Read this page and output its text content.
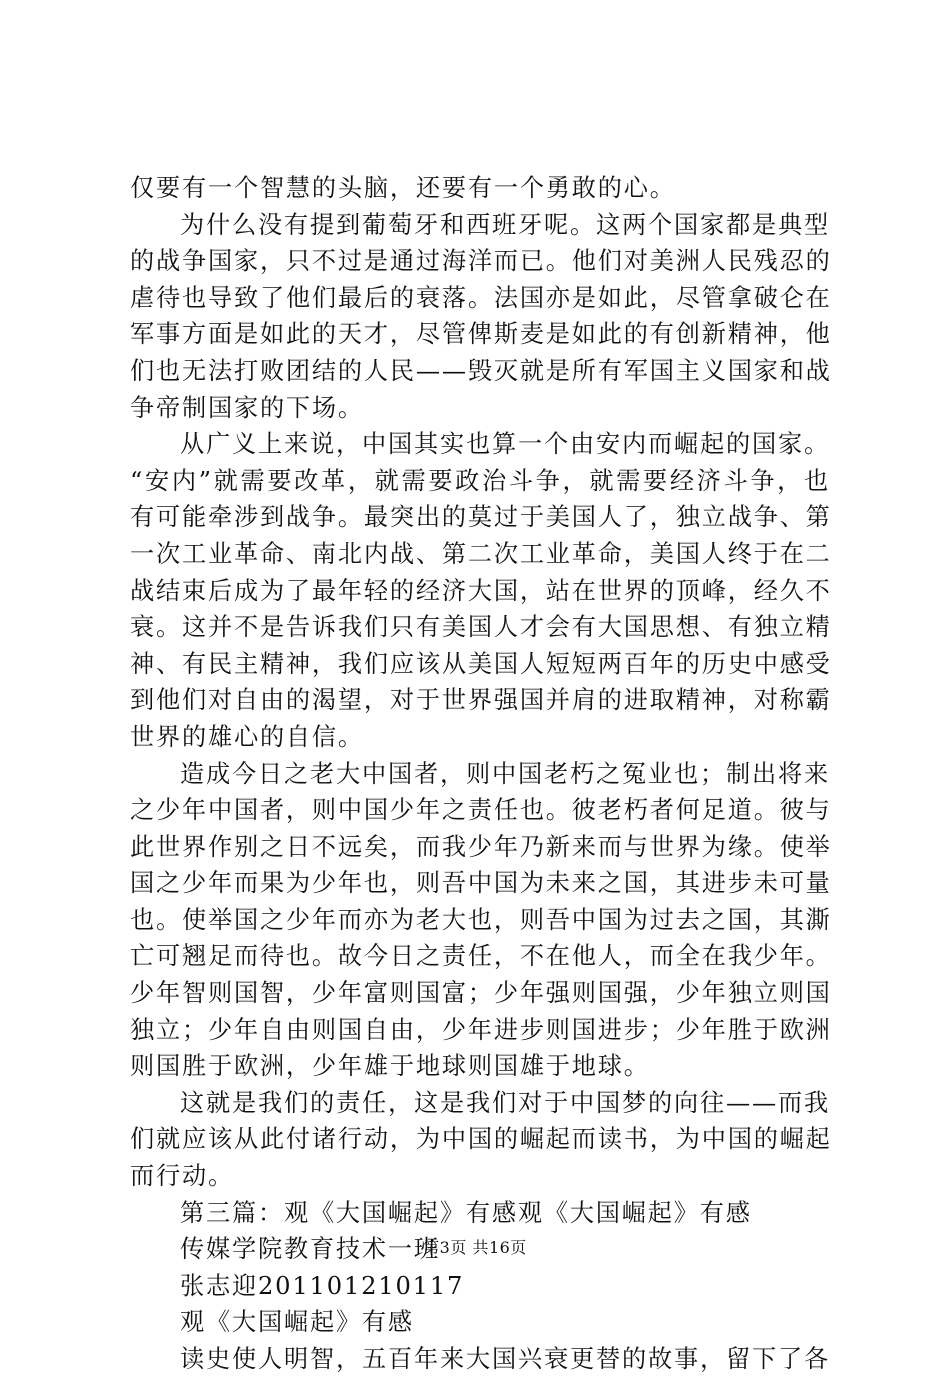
仅要有一个智慧的头脑，还要有一个勇敢的心。
为什么没有提到葡萄牙和西班牙呢。这两个国家都是典型
的战争国家，只不过是通过海洋而已。他们对美洲人民残忍的
虐待也导致了他们最后的衰落。法国亦是如此，尽管拿破仑在
军事方面是如此的天才，尽管俾斯麦是如此的有创新精神，他
们也无法打败团结的人民——毁灭就是所有军国主义国家和战
争帝制国家的下场。
从广义上来说，中国其实也算一个由安内而崛起的国家。
“安内”就需要改革，就需要政治斗争，就需要经济斗争，也
有可能牵涉到战争。最突出的莫过于美国人了，独立战争、第
一次工业革命、南北内战、第二次工业革命，美国人终于在二
战结束后成为了最年轻的经济大国，站在世界的顶峰，经久不
衰。这并不是告诉我们只有美国人才会有大国思想、有独立精
神、有民主精神，我们应该从美国人短短两百年的历史中感受
到他们对自由的渴望，对于世界强国并肩的进取精神，对称霸
世界的雄心的自信。
造成今日之老大中国者，则中国老朽之冤业也；制出将来
之少年中国者，则中国少年之责任也。彼老朽者何足道。彼与
此世界作别之日不远矣，而我少年乃新来而与世界为缘。使举
国之少年而果为少年也，则吾中国为未来之国，其进步未可量
也。使举国之少年而亦为老大也，则吾中国为过去之国，其澌
亡可翘足而待也。故今日之责任，不在他人，而全在我少年。
少年智则国智，少年富则国富；少年强则国强，少年独立则国
独立；少年自由则国自由，少年进步则国进步；少年胜于欧洲
则国胜于欧洲，少年雄于地球则国雄于地球。
这就是我们的责任，这是我们对于中国梦的向往——而我
们就应该从此付诸行动，为中国的崛起而读书，为中国的崛起
而行动。
第三篇：观《大国崛起》有感观《大国崛起》有感
传媒学院教育技术一班
张志迎201101210117
观《大国崛起》有感
读史使人明智，五百年来大国兴衰更替的故事，留下了各
第3页 共16页
